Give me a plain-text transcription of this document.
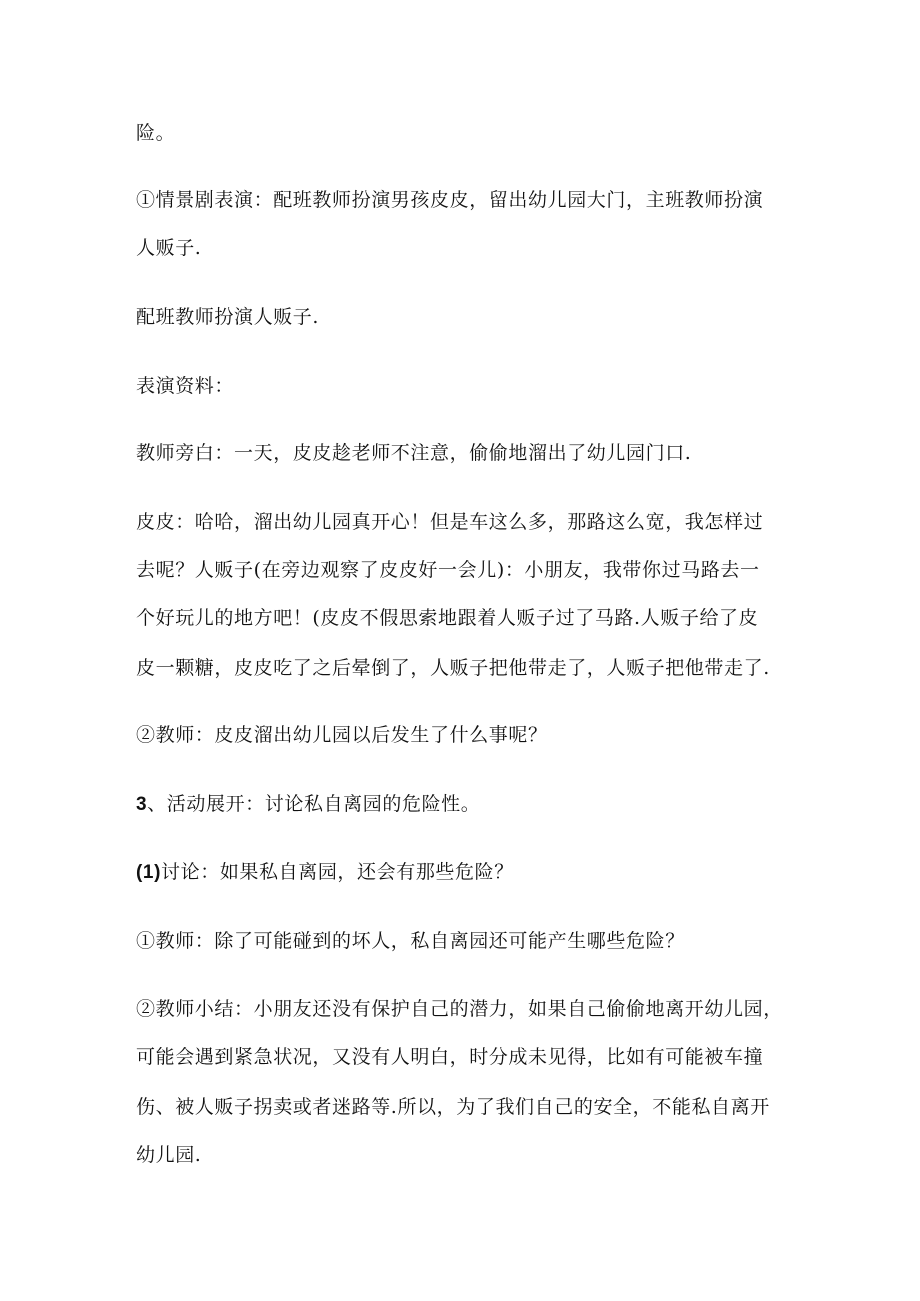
险。
①情景剧表演：配班教师扮演男孩皮皮，留出幼儿园大门，主班教师扮演
人贩子.
配班教师扮演人贩子.
表演资料：
教师旁白：一天，皮皮趁老师不注意，偷偷地溜出了幼儿园门口.
皮皮：哈哈，溜出幼儿园真开心！但是车这么多，那路这么宽，我怎样过
去呢？人贩子(在旁边观察了皮皮好一会儿)：小朋友，我带你过马路去一
个好玩儿的地方吧！(皮皮不假思索地跟着人贩子过了马路.人贩子给了皮
皮一颗糖，皮皮吃了之后晕倒了，人贩子把他带走了，人贩子把他带走了.
②教师：皮皮溜出幼儿园以后发生了什么事呢？
3、活动展开：讨论私自离园的危险性。
(1)讨论：如果私自离园，还会有那些危险？
①教师：除了可能碰到的坏人，私自离园还可能产生哪些危险？
②教师小结：小朋友还没有保护自己的潜力，如果自己偷偷地离开幼儿园，
可能会遇到紧急状况，又没有人明白，时分成未见得，比如有可能被车撞
伤、被人贩子拐卖或者迷路等.所以，为了我们自己的安全，不能私自离开
幼儿园.
